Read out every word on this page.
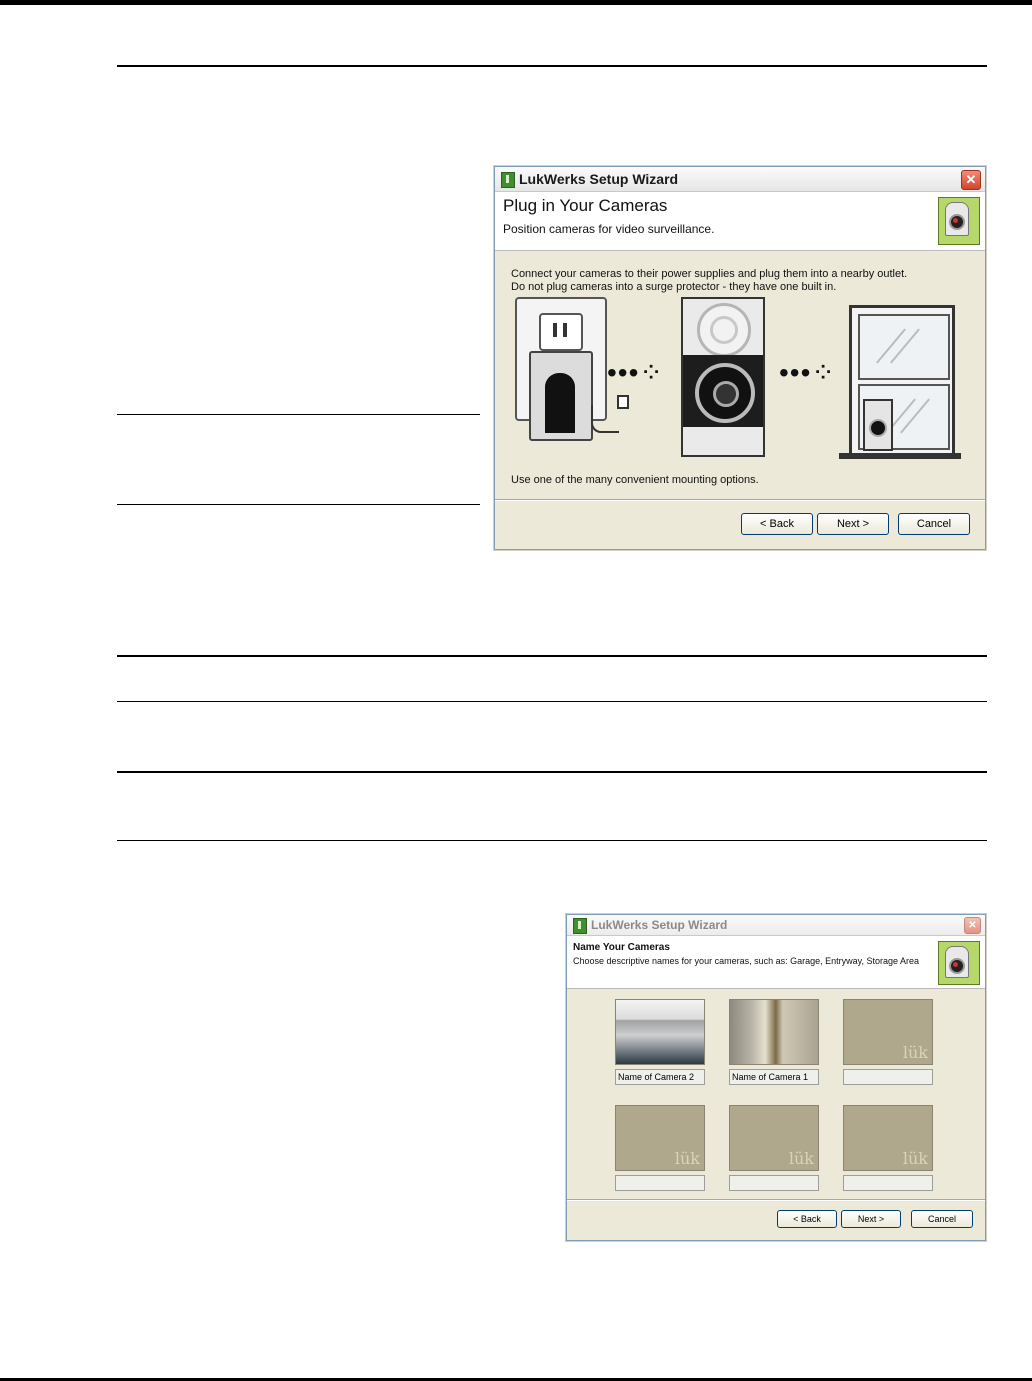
LukWerks Setup Wizard	✕
Plug in Your Cameras
Position cameras for video surveillance.
Connect your cameras to their power supplies and plug them into a nearby outlet.
Do not plug cameras into a surge protector - they have one built in.
•••⁘	•••⁘
Use one of the many convenient mounting options.
< Back	Next >	Cancel
LukWerks Setup Wizard	✕
Name Your Cameras
Choose descriptive names for your cameras, such as: Garage, Entryway, Storage Area
Name of Camera 2	Name of Camera 1
lük
lük	lük	lük
< Back	Next >	Cancel
